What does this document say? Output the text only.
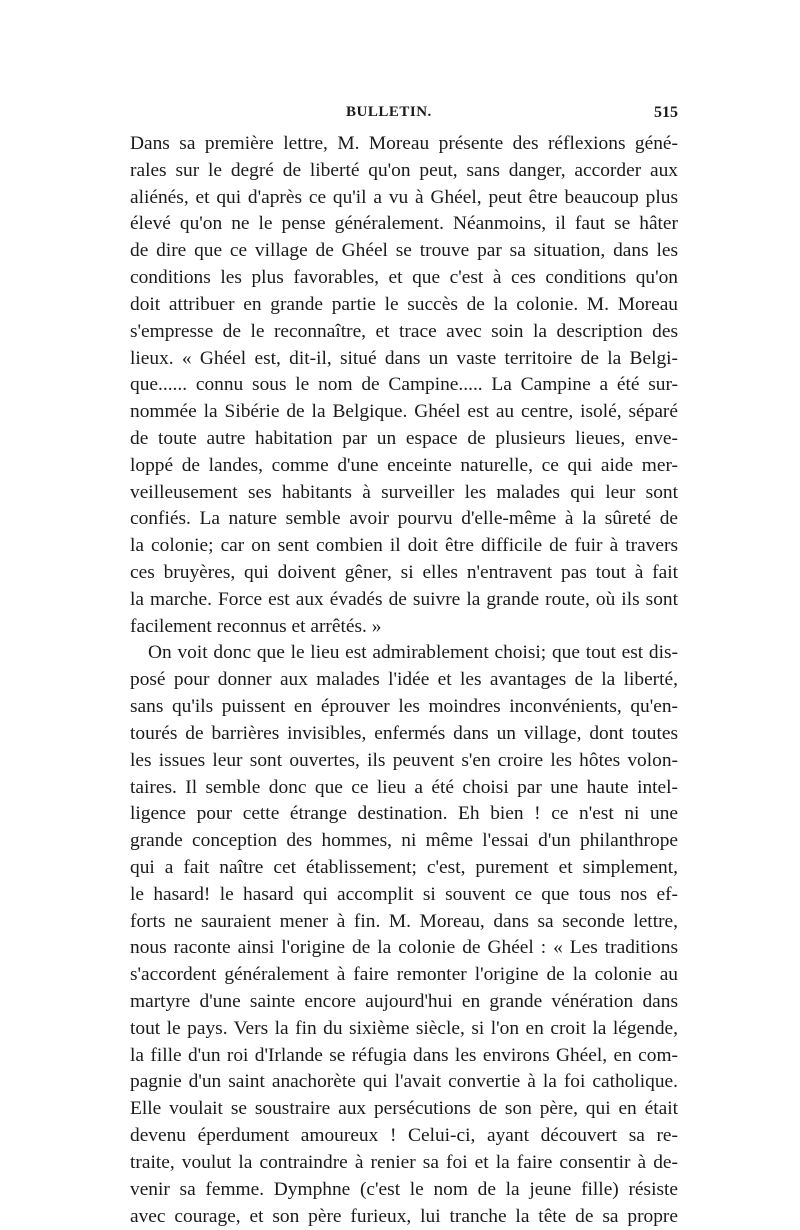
BULLETIN.	515
Dans sa première lettre, M. Moreau présente des réflexions géné-
rales sur le degré de liberté qu'on peut, sans danger, accorder aux
aliénés, et qui d'après ce qu'il a vu à Ghéel, peut être beaucoup plus
élevé qu'on ne le pense généralement. Néanmoins, il faut se hâter
de dire que ce village de Ghéel se trouve par sa situation, dans les
conditions les plus favorables, et que c'est à ces conditions qu'on
doit attribuer en grande partie le succès de la colonie. M. Moreau
s'empresse de le reconnaître, et trace avec soin la description des
lieux. « Ghéel est, dit-il, situé dans un vaste territoire de la Belgi-
que...... connu sous le nom de Campine..... La Campine a été sur-
nommée la Sibérie de la Belgique. Ghéel est au centre, isolé, séparé
de toute autre habitation par un espace de plusieurs lieues, enve-
loppé de landes, comme d'une enceinte naturelle, ce qui aide mer-
veilleusement ses habitants à surveiller les malades qui leur sont
confiés. La nature semble avoir pourvu d'elle-même à la sûreté de
la colonie; car on sent combien il doit être difficile de fuir à travers
ces bruyères, qui doivent gêner, si elles n'entravent pas tout à fait
la marche. Force est aux évadés de suivre la grande route, où ils sont
facilement reconnus et arrêtés. »
On voit donc que le lieu est admirablement choisi; que tout est dis-
posé pour donner aux malades l'idée et les avantages de la liberté,
sans qu'ils puissent en éprouver les moindres inconvénients, qu'en-
tourés de barrières invisibles, enfermés dans un village, dont toutes
les issues leur sont ouvertes, ils peuvent s'en croire les hôtes volon-
taires. Il semble donc que ce lieu a été choisi par une haute intel-
ligence pour cette étrange destination. Eh bien ! ce n'est ni une
grande conception des hommes, ni même l'essai d'un philanthrope
qui a fait naître cet établissement; c'est, purement et simplement,
le hasard! le hasard qui accomplit si souvent ce que tous nos ef-
forts ne sauraient mener à fin. M. Moreau, dans sa seconde lettre,
nous raconte ainsi l'origine de la colonie de Ghéel : « Les traditions
s'accordent généralement à faire remonter l'origine de la colonie au
martyre d'une sainte encore aujourd'hui en grande vénération dans
tout le pays. Vers la fin du sixième siècle, si l'on en croit la légende,
la fille d'un roi d'Irlande se réfugia dans les environs Ghéel, en com-
pagnie d'un saint anachorète qui l'avait convertie à la foi catholique.
Elle voulait se soustraire aux persécutions de son père, qui en était
devenu éperdument amoureux ! Celui-ci, ayant découvert sa re-
traite, voulut la contraindre à renier sa foi et la faire consentir à de-
venir sa femme. Dymphne (c'est le nom de la jeune fille) résiste
avec courage, et son père furieux, lui tranche la tête de sa propre
